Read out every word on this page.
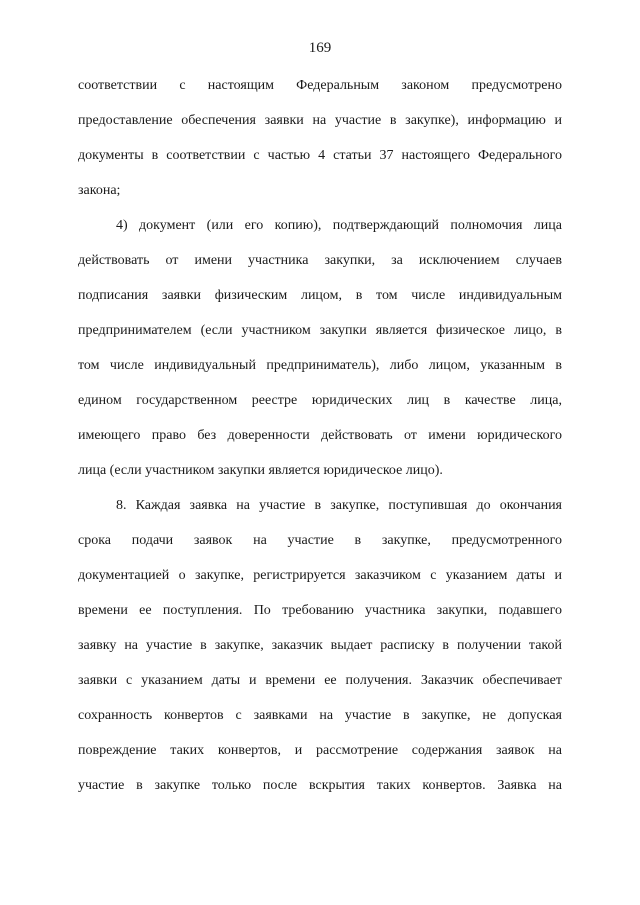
169
соответствии с настоящим Федеральным законом предусмотрено
предоставление обеспечения заявки на участие в закупке), информацию и
документы в соответствии с частью 4 статьи 37 настоящего Федерального
закона;
4) документ (или его копию), подтверждающий полномочия лица
действовать от имени участника закупки, за исключением случаев
подписания заявки физическим лицом, в том числе индивидуальным
предпринимателем (если участником закупки является физическое лицо, в
том числе индивидуальный предприниматель), либо лицом, указанным в
едином государственном реестре юридических лиц в качестве лица,
имеющего право без доверенности действовать от имени юридического
лица (если участником закупки является юридическое лицо).
8. Каждая заявка на участие в закупке, поступившая до окончания
срока подачи заявок на участие в закупке, предусмотренного
документацией о закупке, регистрируется заказчиком с указанием даты и
времени ее поступления. По требованию участника закупки, подавшего
заявку на участие в закупке, заказчик выдает расписку в получении такой
заявки с указанием даты и времени ее получения. Заказчик обеспечивает
сохранность конвертов с заявками на участие в закупке, не допуская
повреждение таких конвертов, и рассмотрение содержания заявок на
участие в закупке только после вскрытия таких конвертов. Заявка на
